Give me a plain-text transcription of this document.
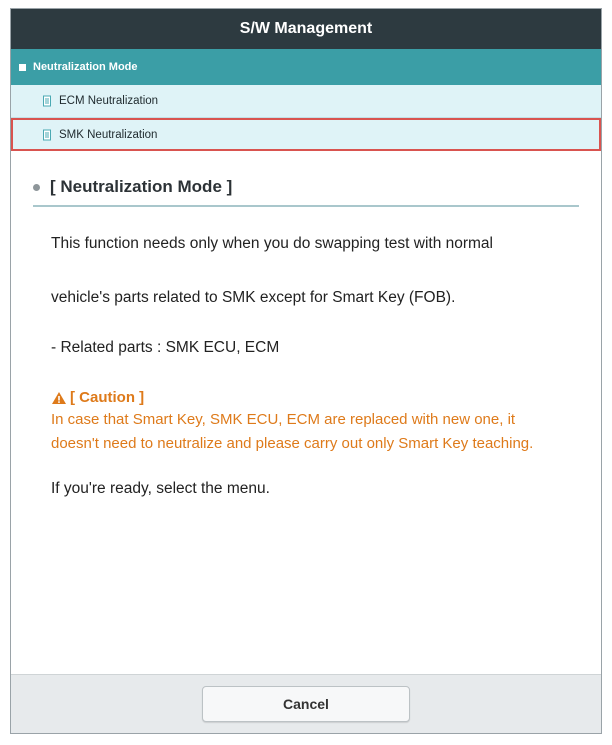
S/W Management
Neutralization Mode
ECM Neutralization
SMK Neutralization
[ Neutralization Mode ]

This function needs only when you do swapping test with normal

vehicle's parts related to SMK except for Smart Key (FOB).

- Related parts : SMK ECU, ECM

[ Caution ]
In case that Smart Key, SMK ECU, ECM are replaced with new one, it doesn't need to neutralize and please carry out only Smart Key teaching.

If you're ready, select the menu.

Cancel
